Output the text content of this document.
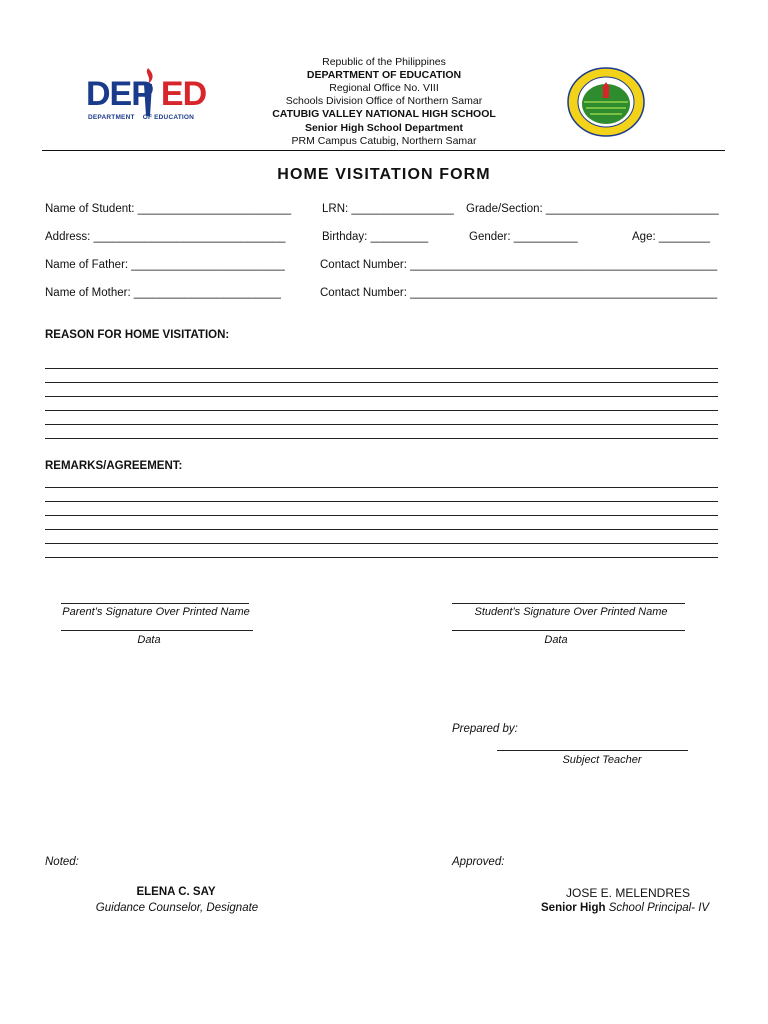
DEP ED
DEPARTMENT OF EDUCATION
Republic of the Philippines
DEPARTMENT OF EDUCATION
Regional Office No. VIII
Schools Division Office of Northern Samar
CATUBIG VALLEY NATIONAL HIGH SCHOOL
Senior High School Department
PRM Campus Catubig, Northern Samar
HOME VISITATION FORM
Name of Student: ________________________	LRN: ________________ Grade/Section: ___________________________
Address: ______________________________	Birthday: _________	Gender: __________	Age: ________
Name of Father: ________________________	Contact Number: ________________________________________________
Name of Mother: _______________________	Contact Number: ________________________________________________
REASON FOR HOME VISITATION:
REMARKS/AGREEMENT:
Parent’s Signature Over Printed Name
Data
Student’s Signature Over Printed Name
Data
Prepared by:
Subject Teacher
Noted:	Approved:
ELENA C. SAY
Guidance Counselor, Designate
JOSE E. MELENDRES
Senior High School Principal- IV
